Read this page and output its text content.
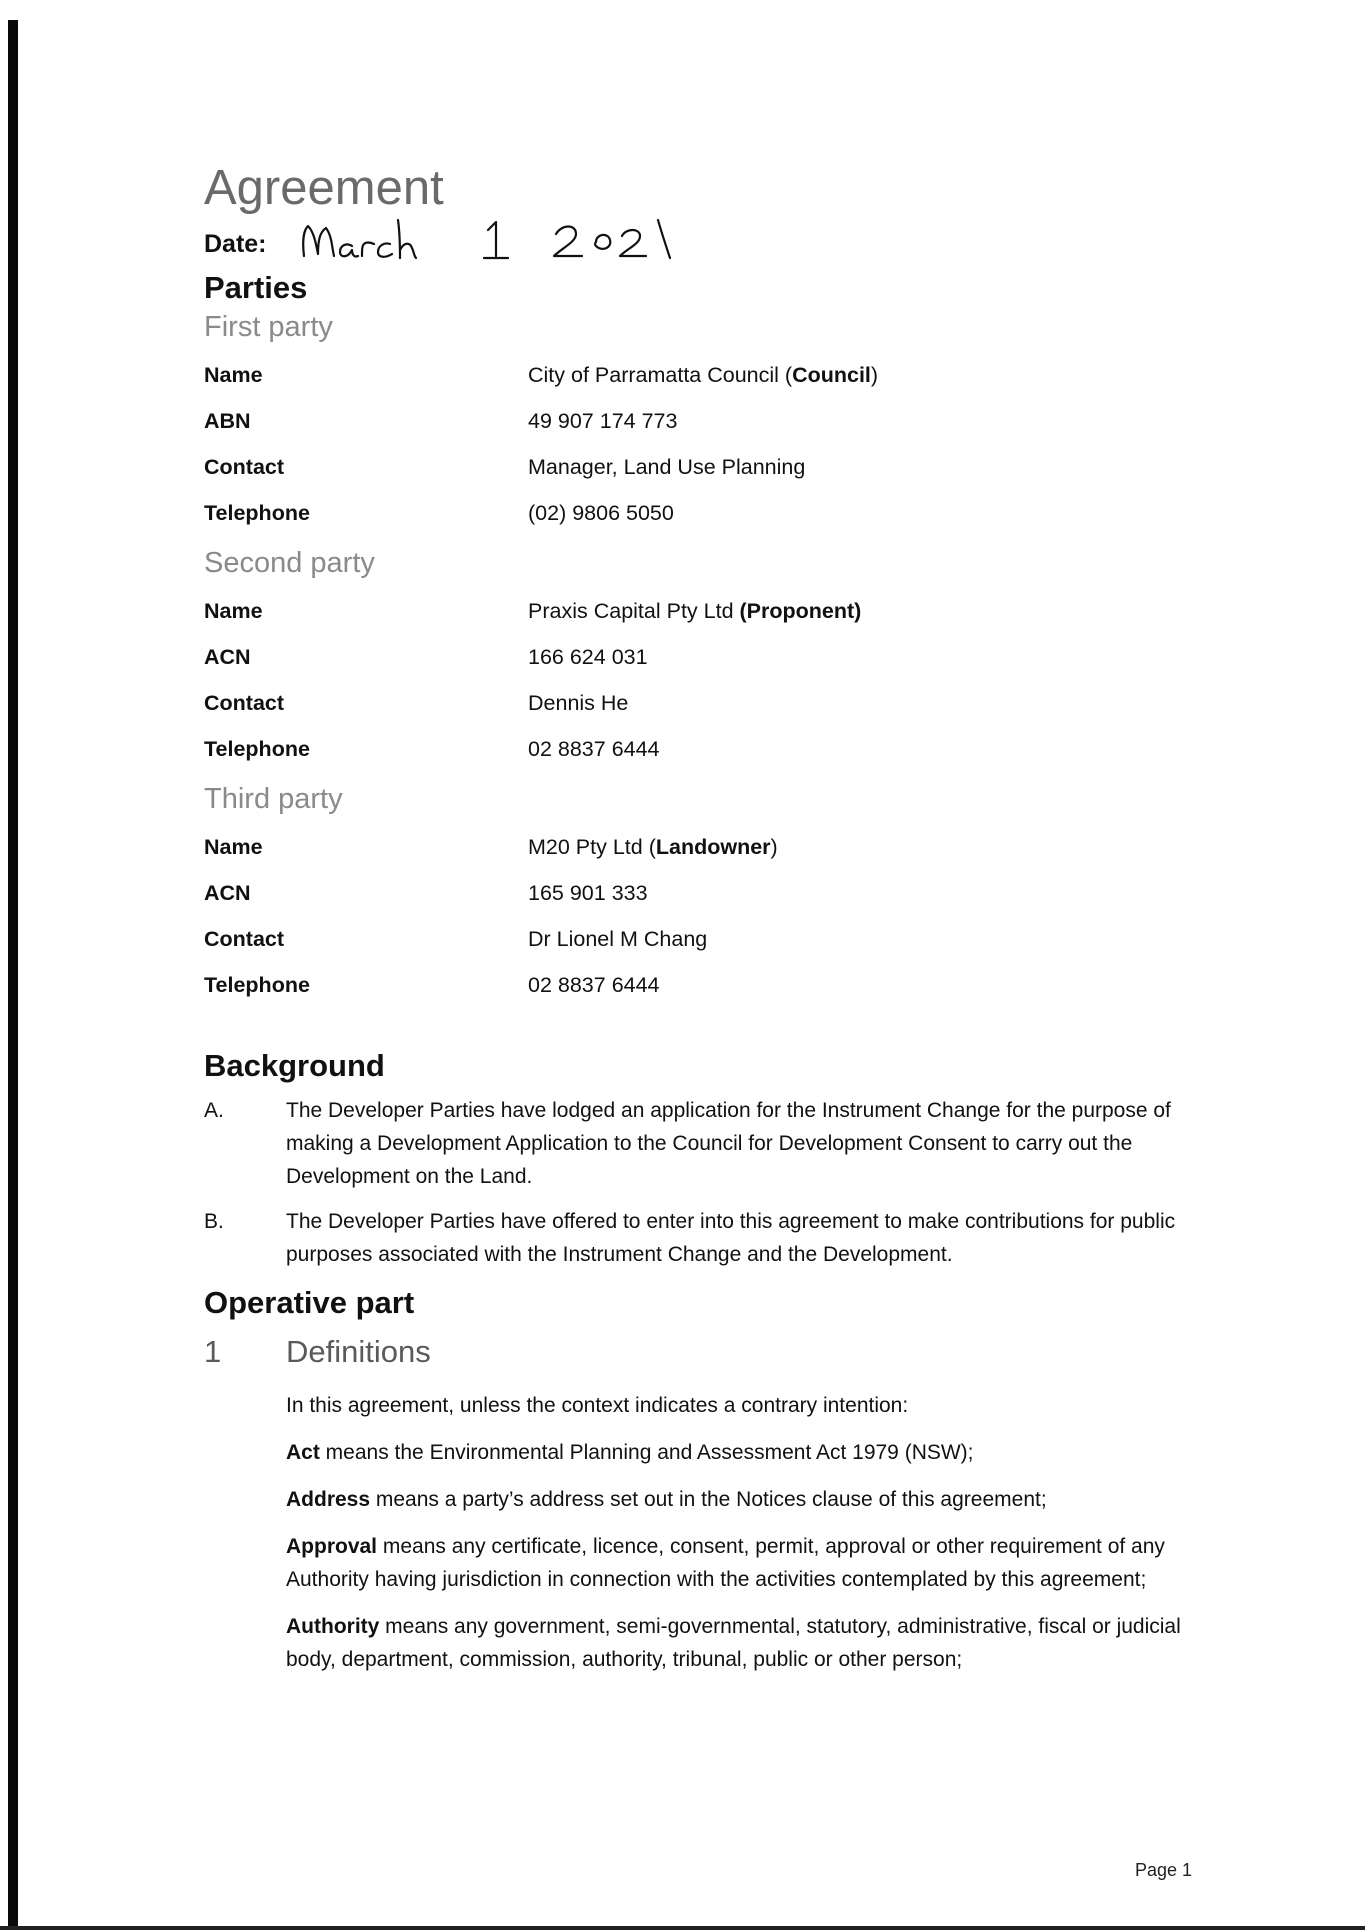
Agreement
Date:
Parties
First party
Name	City of Parramatta Council (Council)
ABN	49 907 174 773
Contact	Manager, Land Use Planning
Telephone	(02) 9806 5050
Second party
Name	Praxis Capital Pty Ltd (Proponent)
ACN	166 624 031
Contact	Dennis He
Telephone	02 8837 6444
Third party
Name	M20 Pty Ltd (Landowner)
ACN	165 901 333
Contact	Dr Lionel M Chang
Telephone	02 8837 6444
Background
A.	The Developer Parties have lodged an application for the Instrument Change for the purpose of making a Development Application to the Council for Development Consent to carry out the Development on the Land.
B.	The Developer Parties have offered to enter into this agreement to make contributions for public purposes associated with the Instrument Change and the Development.
Operative part
1	Definitions

In this agreement, unless the context indicates a contrary intention:

Act means the Environmental Planning and Assessment Act 1979 (NSW);

Address means a party’s address set out in the Notices clause of this agreement;

Approval means any certificate, licence, consent, permit, approval or other requirement of any Authority having jurisdiction in connection with the activities contemplated by this agreement;

Authority means any government, semi-governmental, statutory, administrative, fiscal or judicial body, department, commission, authority, tribunal, public or other person;

Page 1
